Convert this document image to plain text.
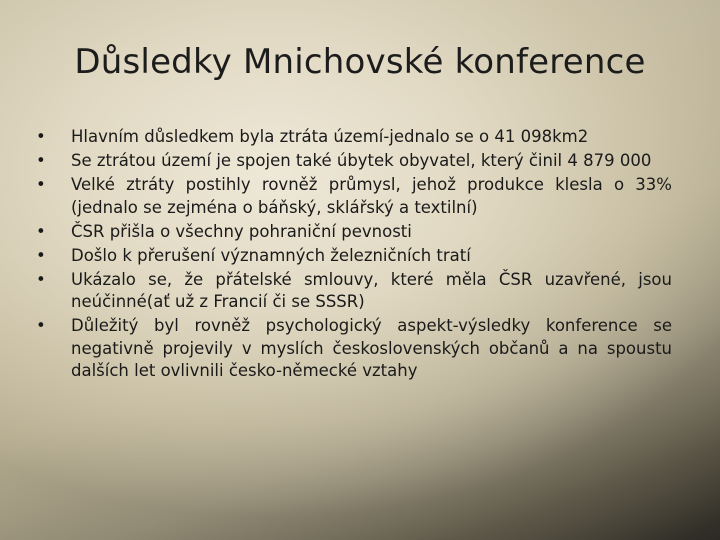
Důsledky Mnichovské konference
•	Hlavním důsledkem byla ztráta území-jednalo se o 41 098km2
•	Se ztrátou území je spojen také úbytek obyvatel, který činil 4 879 000
•	Velké ztráty postihly rovněž průmysl, jehož produkce klesla o 33%(jednalo se zejména o báňský, sklářský a textilní)
•	ČSR přišla o všechny pohraniční pevnosti
•	Došlo k přerušení významných železničních tratí
•	Ukázalo se, že přátelské smlouvy, které měla ČSR uzavřené, jsou neúčinné(ať už z Francií či se SSSR)
•	Důležitý byl rovněž psychologický aspekt-výsledky konference se negativně projevily v myslích československých občanů a na spoustu dalších let ovlivnili česko-německé vztahy
